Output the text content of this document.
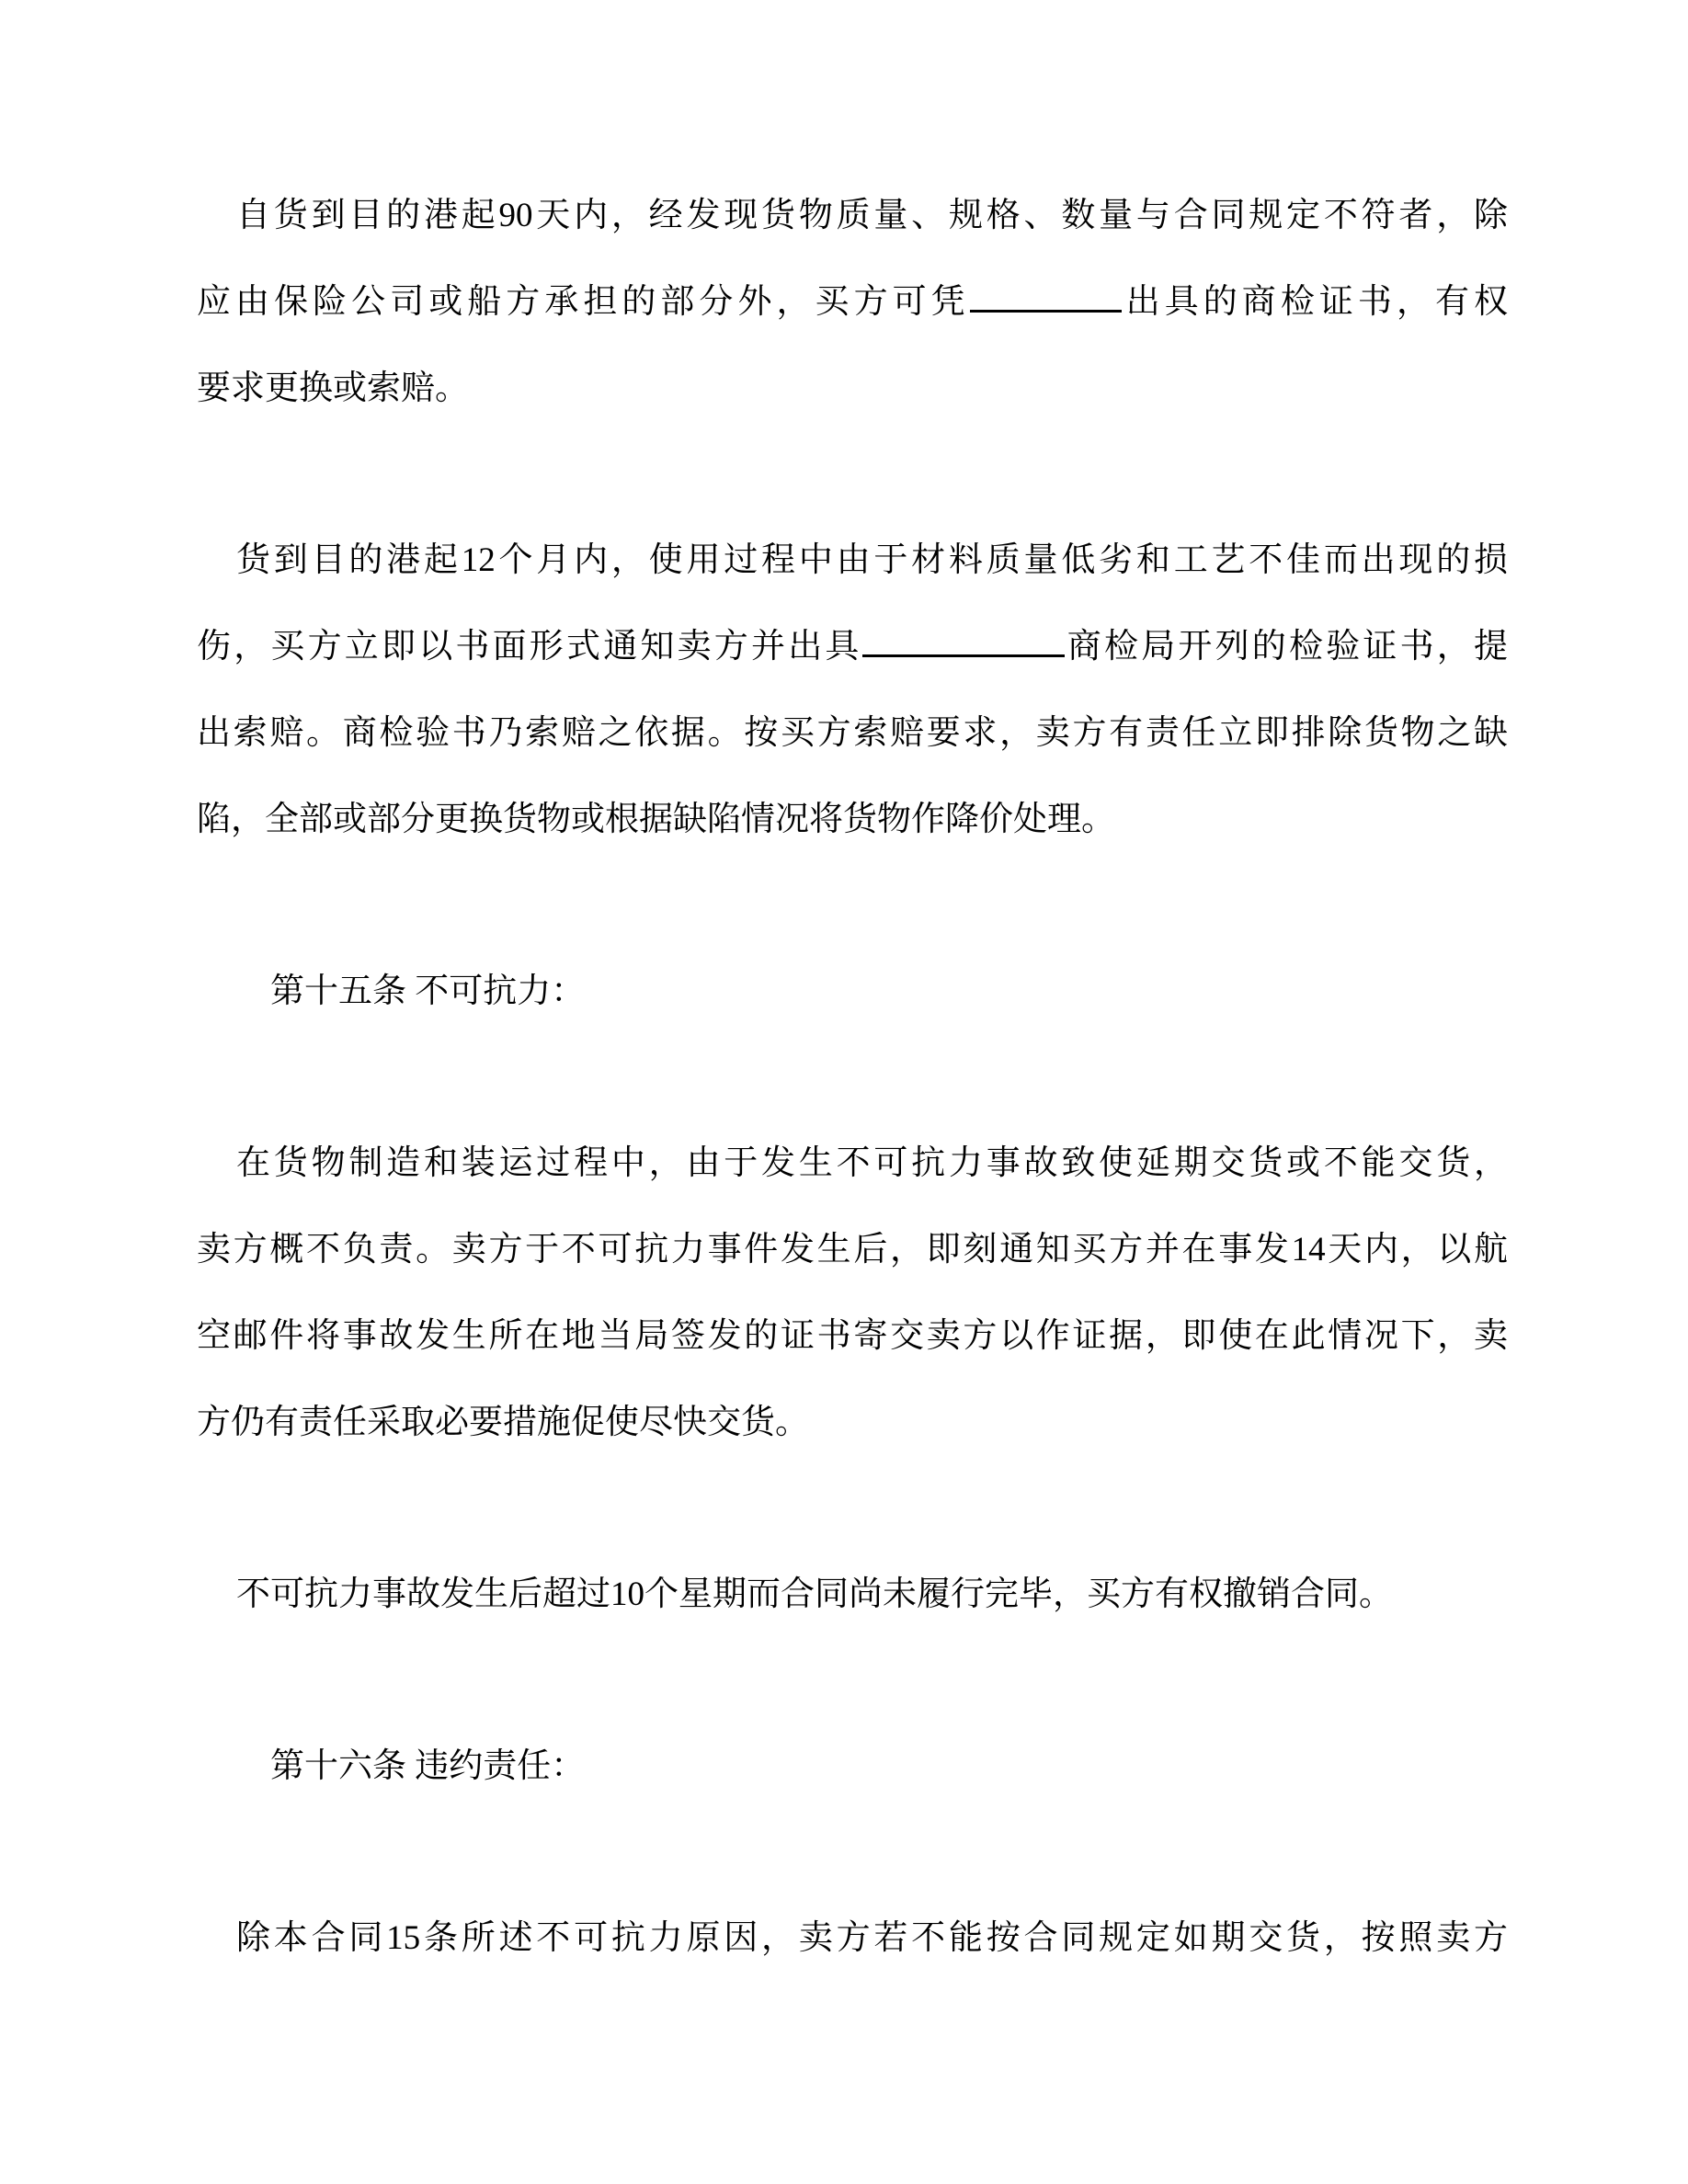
自货到目的港起90天内，经发现货物质量、规格、数量与合同规定不符者，除
应由保险公司或船方承担的部分外，买方可凭	出具的商检证书，有权
要求更换或索赔。
货到目的港起12个月内，使用过程中由于材料质量低劣和工艺不佳而出现的损
伤，买方立即以书面形式通知卖方并出具	商检局开列的检验证书，提
出索赔。商检验书乃索赔之依据。按买方索赔要求，卖方有责任立即排除货物之缺
陷，全部或部分更换货物或根据缺陷情况将货物作降价处理。
第十五条 不可抗力：
在货物制造和装运过程中，由于发生不可抗力事故致使延期交货或不能交货，
卖方概不负责。卖方于不可抗力事件发生后，即刻通知买方并在事发14天内，以航
空邮件将事故发生所在地当局签发的证书寄交卖方以作证据，即使在此情况下，卖
方仍有责任采取必要措施促使尽快交货。
不可抗力事故发生后超过10个星期而合同尚未履行完毕，买方有权撤销合同。
第十六条 违约责任：
除本合同15条所述不可抗力原因，卖方若不能按合同规定如期交货，按照卖方
